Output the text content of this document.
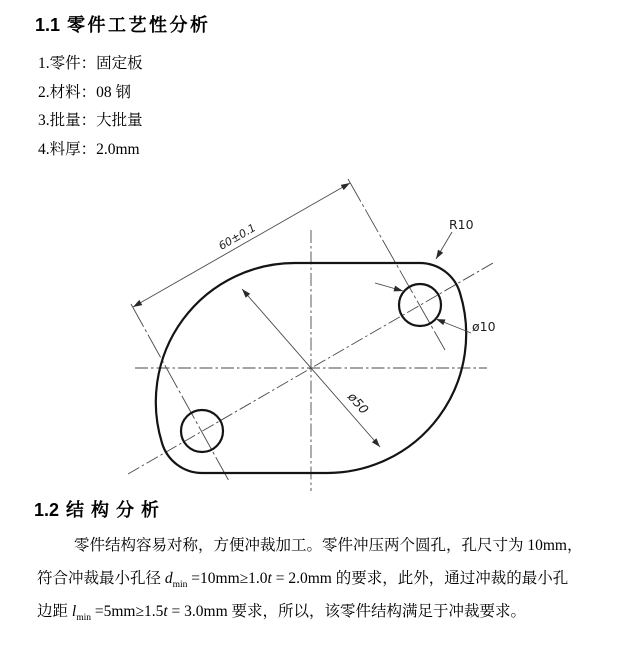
1.1 零件工艺性分析
1.零件：固定板
2.材料：08 钢
3.批量：大批量
4.料厚：2.0mm
60±0.1
ø50
R10
ø10
1.2 结构分析
零件结构容易对称，方便冲裁加工。零件冲压两个圆孔，孔尺寸为 10mm，
符合冲裁最小孔径 $d_{min} =10mm\ge 1.0t = 2.0mm$ 的要求，此外，通过冲裁的最小孔
边距 $l_{min} =5mm\ge 1.5t = 3.0mm$ 要求，所以，该零件结构满足于冲裁要求。
